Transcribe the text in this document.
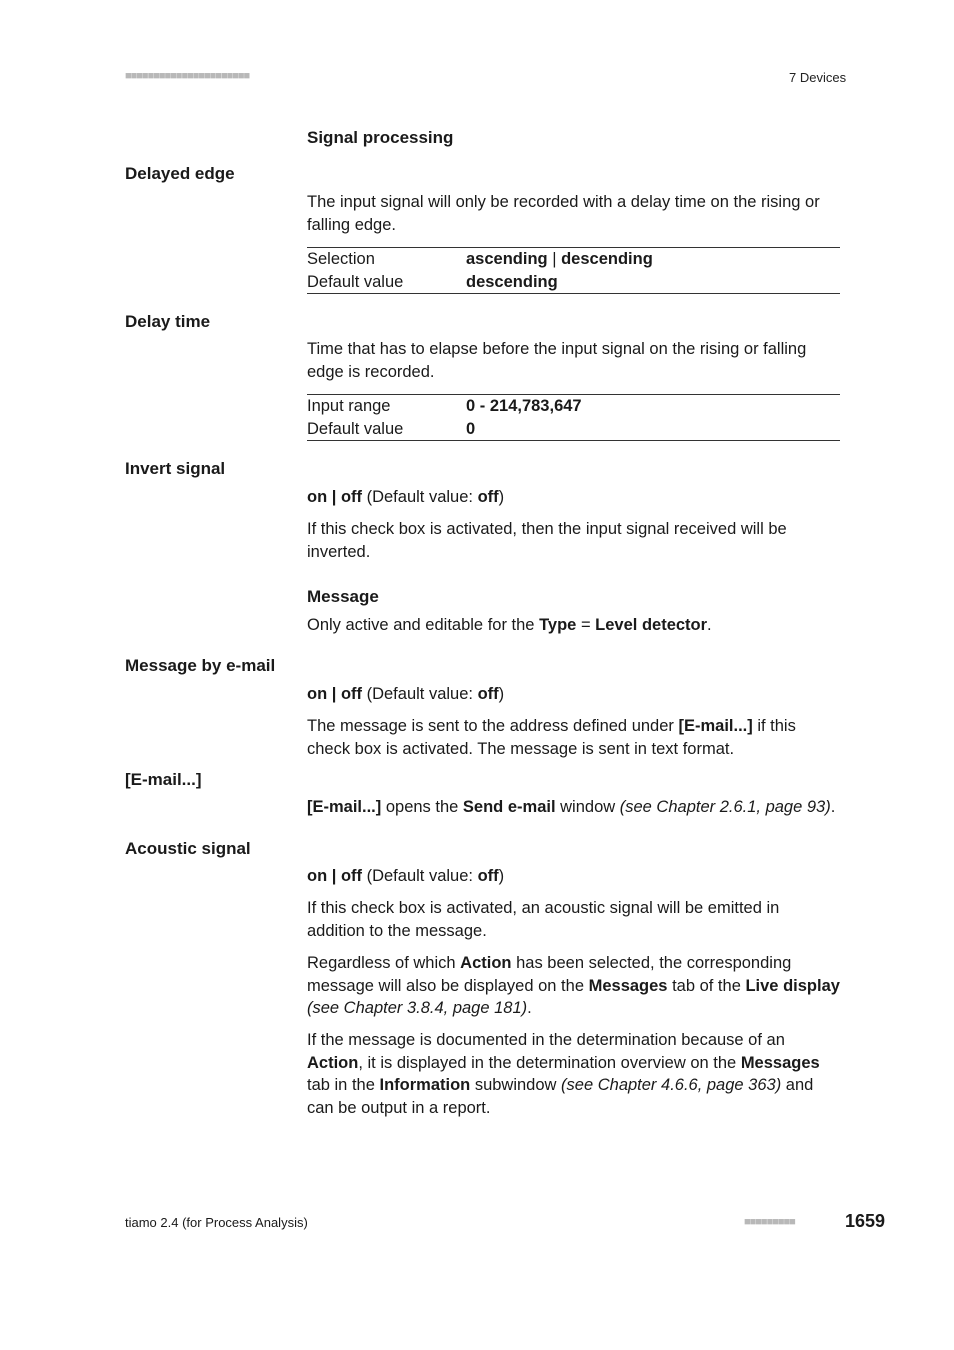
■■■■■■■■■■■■■■■■■■■■■■	7 Devices
Signal processing
Delayed edge

The input signal will only be recorded with a delay time on the rising or falling edge.

Selection	ascending | descending
Default value	descending
Delay time

Time that has to elapse before the input signal on the rising or falling edge is recorded.

Input range	0 - 214,783,647
Default value	0
Invert signal

on | off (Default value: off)

If this check box is activated, then the input signal received will be inverted.

Message

Only active and editable for the Type = Level detector.

Message by e-mail

on | off (Default value: off)

The message is sent to the address defined under [E-mail...] if this check box is activated. The message is sent in text format.

[E-mail...]

[E-mail...] opens the Send e-mail window (see Chapter 2.6.1, page 93).

Acoustic signal

on | off (Default value: off)

If this check box is activated, an acoustic signal will be emitted in addition to the message.

Regardless of which Action has been selected, the corresponding message will also be displayed on the Messages tab of the Live display (see Chapter 3.8.4, page 181).

If the message is documented in the determination because of an Action, it is displayed in the determination overview on the Messages tab in the Information subwindow (see Chapter 4.6.6, page 363) and can be output in a report.

tiamo 2.4 (for Process Analysis)	■■■■■■■■■	1659
